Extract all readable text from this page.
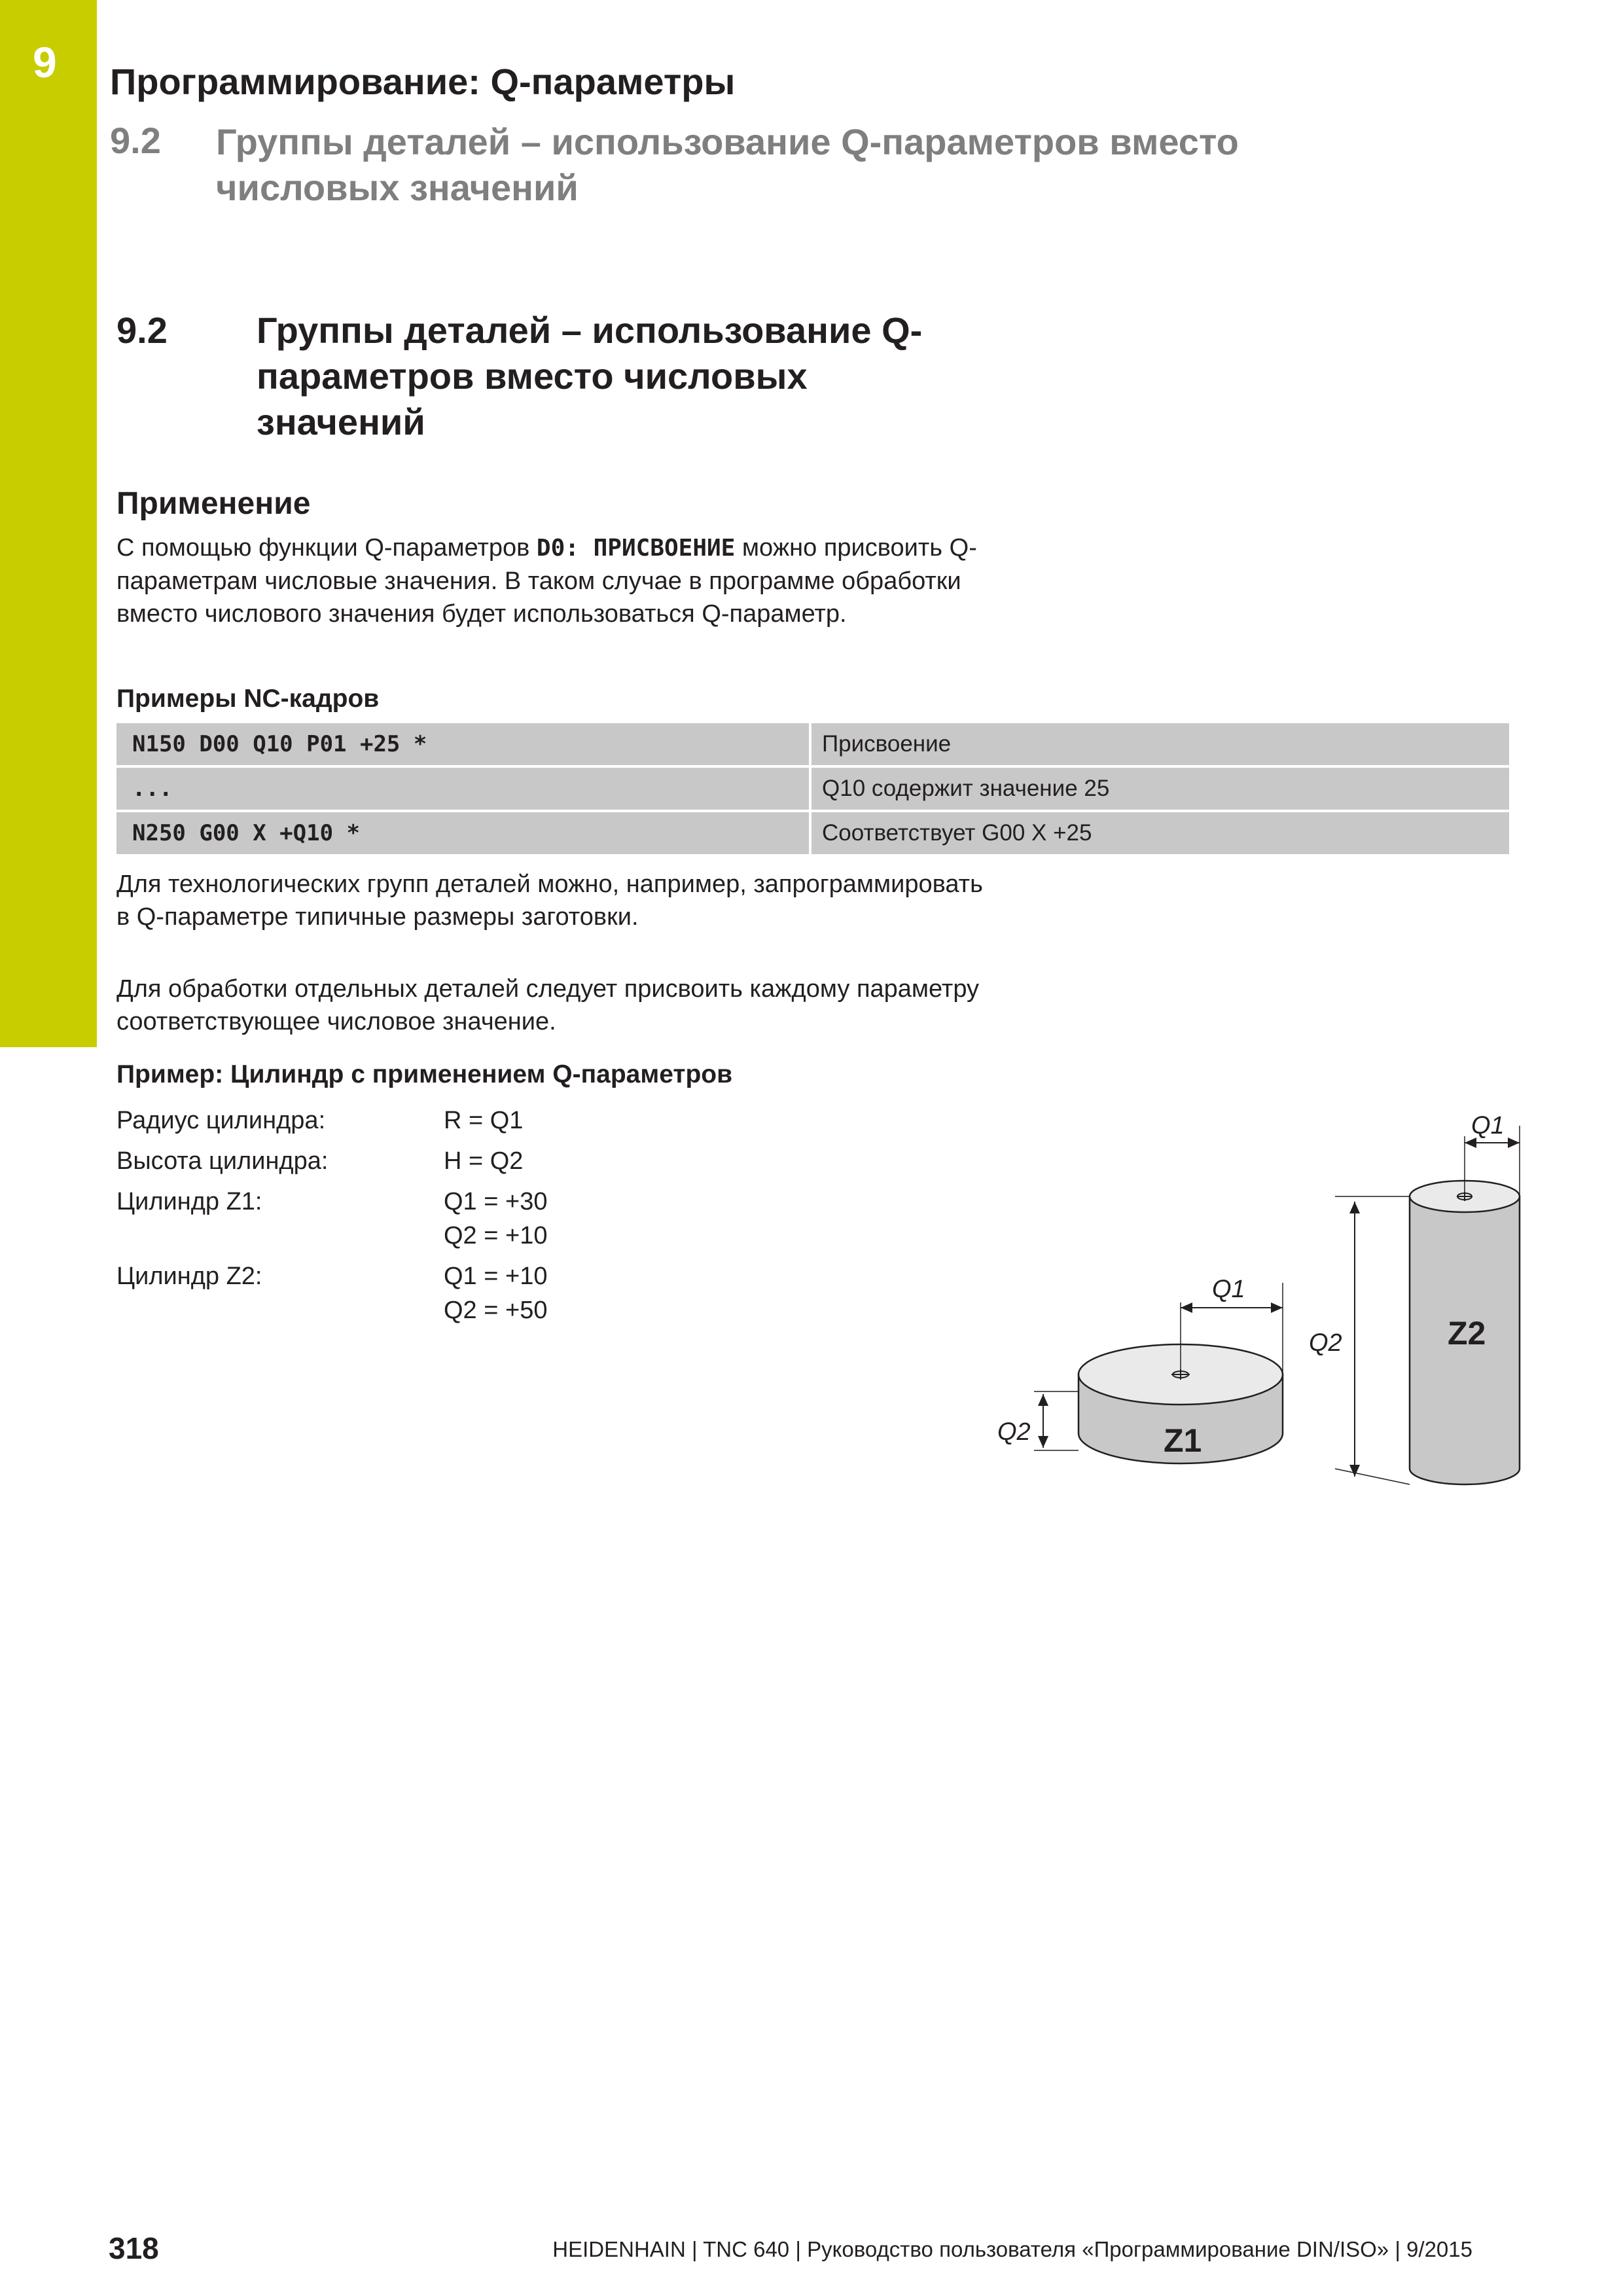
9 Программирование: Q-параметры
9.2 Группы деталей – использование Q-параметров вместо числовых значений
9.2 Группы деталей – использование Q-параметров вместо числовых значений
Применение
С помощью функции Q-параметров D0: ПРИСВОЕНИЕ можно присвоить Q-параметрам числовые значения. В таком случае в программе обработки вместо числового значения будет использоваться Q-параметр.
Примеры NC-кадров
N150 D00 Q10 P01 +25 *	Присвоение
...	Q10 содержит значение 25
N250 G00 X +Q10 *	Соответствует G00 X +25
Для технологических групп деталей можно, например, запрограммировать в Q-параметре типичные размеры заготовки.
Для обработки отдельных деталей следует присвоить каждому параметру соответствующее числовое значение.
Пример: Цилиндр с применением Q-параметров
Радиус цилиндра:	R = Q1
Высота цилиндра:	H = Q2
Цилиндр Z1:	Q1 = +30
Q2 = +10
Цилиндр Z2:	Q1 = +10
Q2 = +50
Q1
Q2	Z1
Q1
Q2	Z2
318	HEIDENHAIN | TNC 640 | Руководство пользователя «Программирование DIN/ISO» | 9/2015
